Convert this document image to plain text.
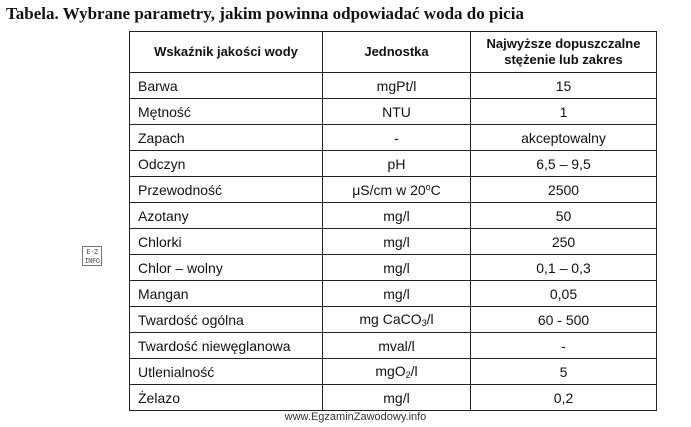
Tabela. Wybrane parametry, jakim powinna odpowiadać woda do picia
Wskaźnik jakości wody	Jednostka	Najwyższe dopuszczalne stężenie lub zakres
Barwa	mgPt/l	15
Mętność	NTU	1
Zapach	-	akceptowalny
Odczyn	pH	6,5 – 9,5
Przewodność	μS/cm w 20$^o$C	2500
Azotany	mg/l	50
Chlorki	mg/l	250
Chlor – wolny	mg/l	0,1 – 0,3
Mangan	mg/l	0,05
Twardość ogólna	mg CaCO$_3$/l	60 - 500
Twardość niewęglanowa	mval/l	-
Utlenialność	mgO$_2$/l	5
Żelazo	mg/l	0,2
E-Z
INFO
www.EgzaminZawodowy.info
